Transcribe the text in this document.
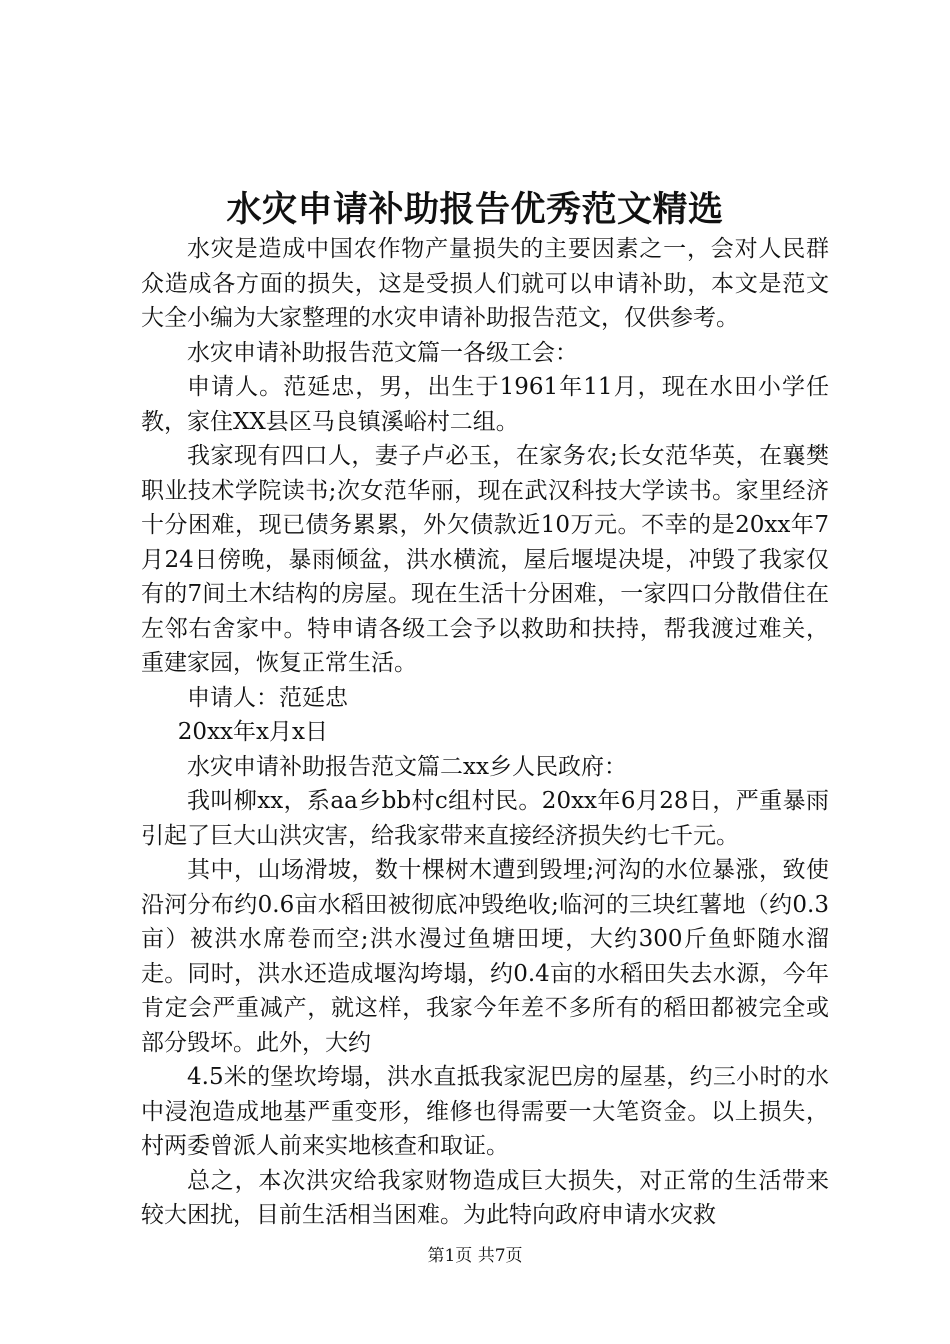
水灾申请补助报告优秀范文精选

水灾是造成中国农作物产量损失的主要因素之一，会对人民群众造成各方面的损失，这是受损人们就可以申请补助，本文是范文大全小编为大家整理的水灾申请补助报告范文，仅供参考。

水灾申请补助报告范文篇一各级工会：

申请人。范延忠，男，出生于1961年11月，现在水田小学任教，家住XX县区马良镇溪峪村二组。

我家现有四口人，妻子卢必玉，在家务农;长女范华英，在襄樊职业技术学院读书;次女范华丽，现在武汉科技大学读书。家里经济十分困难，现已债务累累，外欠债款近10万元。不幸的是20xx年7月24日傍晚，暴雨倾盆，洪水横流，屋后堰堤决堤，冲毁了我家仅有的7间土木结构的房屋。现在生活十分困难，一家四口分散借住在左邻右舍家中。特申请各级工会予以救助和扶持，帮我渡过难关，重建家园，恢复正常生活。

申请人：范延忠

20xx年x月x日

水灾申请补助报告范文篇二xx乡人民政府：

我叫柳xx，系aa乡bb村c组村民。20xx年6月28日，严重暴雨引起了巨大山洪灾害，给我家带来直接经济损失约七千元。

其中，山场滑坡，数十棵树木遭到毁埋;河沟的水位暴涨，致使沿河分布约0.6亩水稻田被彻底冲毁绝收;临河的三块红薯地（约0.3亩）被洪水席卷而空;洪水漫过鱼塘田埂，大约300斤鱼虾随水溜走。同时，洪水还造成堰沟垮塌，约0.4亩的水稻田失去水源，今年肯定会严重减产，就这样，我家今年差不多所有的稻田都被完全或部分毁坏。此外，大约

4.5米的堡坎垮塌，洪水直抵我家泥巴房的屋基，约三小时的水中浸泡造成地基严重变形，维修也得需要一大笔资金。以上损失，村两委曾派人前来实地核查和取证。

总之，本次洪灾给我家财物造成巨大损失，对正常的生活带来较大困扰，目前生活相当困难。为此特向政府申请水灾救

第1页 共7页
